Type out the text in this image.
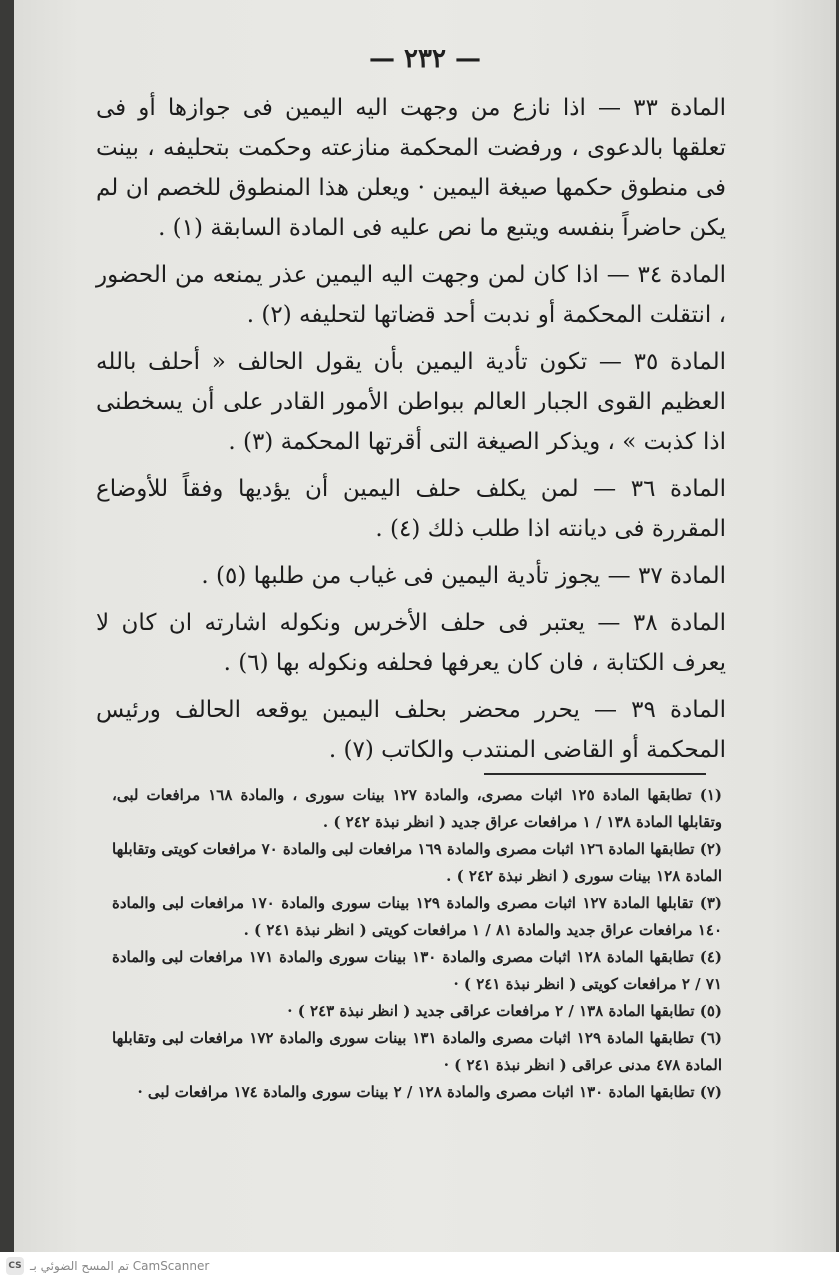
— ٢٣٢ —

المادة ٣٣ — اذا نازع من وجهت اليه اليمين فى جوازها أو فى تعلقها بالدعوى ، ورفضت المحكمة منازعته وحكمت بتحليفه ، بينت فى منطوق حكمها صيغة اليمين · ويعلن هذا المنطوق للخصم ان لم يكن حاضراً بنفسه ويتبع ما نص عليه فى المادة السابقة (١) .

المادة ٣٤ — اذا كان لمن وجهت اليه اليمين عذر يمنعه من الحضور ، انتقلت المحكمة أو ندبت أحد قضاتها لتحليفه (٢) .

المادة ٣٥ — تكون تأدية اليمين بأن يقول الحالف « أحلف بالله العظيم القوى الجبار العالم ببواطن الأمور القادر على أن يسخطنى اذا كذبت » ، ويذكر الصيغة التى أقرتها المحكمة (٣) .

المادة ٣٦ — لمن يكلف حلف اليمين أن يؤديها وفقاً للأوضاع المقررة فى ديانته اذا طلب ذلك (٤) .

المادة ٣٧ — يجوز تأدية اليمين فى غياب من طلبها (٥) .

المادة ٣٨ — يعتبر فى حلف الأخرس ونكوله اشارته ان كان لا يعرف الكتابة ، فان كان يعرفها فحلفه ونكوله بها (٦) .

المادة ٣٩ — يحرر محضر بحلف اليمين يوقعه الحالف ورئيس المحكمة أو القاضى المنتدب والكاتب (٧) .

(١) تطابقها المادة ١٢٥ اثبات مصرى، والمادة ١٢٧ بينات سورى ، والمادة ١٦٨ مرافعات لبى، وتقابلها المادة ١٣٨ / ١ مرافعات عراق جديد ( انظر نبذة ٢٤٢ ) .

(٢) تطابقها المادة ١٢٦ اثبات مصرى والمادة ١٦٩ مرافعات لبى والمادة ٧٠ مرافعات كويتى وتقابلها المادة ١٢٨ بينات سورى ( انظر نبذة ٢٤٢ ) .

(٣) تقابلها المادة ١٢٧ اثبات مصرى والمادة ١٢٩ بينات سورى والمادة ١٧٠ مرافعات لبى والمادة ١٤٠ مرافعات عراق جديد والمادة ٨١ / ١ مرافعات كويتى ( انظر نبذة ٢٤١ ) .

(٤) تطابقها المادة ١٢٨ اثبات مصرى والمادة ١٣٠ بينات سورى والمادة ١٧١ مرافعات لبى والمادة ٧١ / ٢ مرافعات كويتى ( انظر نبذة ٢٤١ ) ·

(٥) تطابقها المادة ١٣٨ / ٢ مرافعات عراقى جديد ( انظر نبذة ٢٤٣ ) ·

(٦) تطابقها المادة ١٢٩ اثبات مصرى والمادة ١٣١ بينات سورى والمادة ١٧٢ مرافعات لبى وتقابلها المادة ٤٧٨ مدنى عراقى ( انظر نبذة ٢٤١ ) ·

(٧) تطابقها المادة ١٣٠ اثبات مصرى والمادة ١٢٨ / ٢ بينات سورى والمادة ١٧٤ مرافعات لبى ·

CS تم المسح الضوئي بـ CamScanner
